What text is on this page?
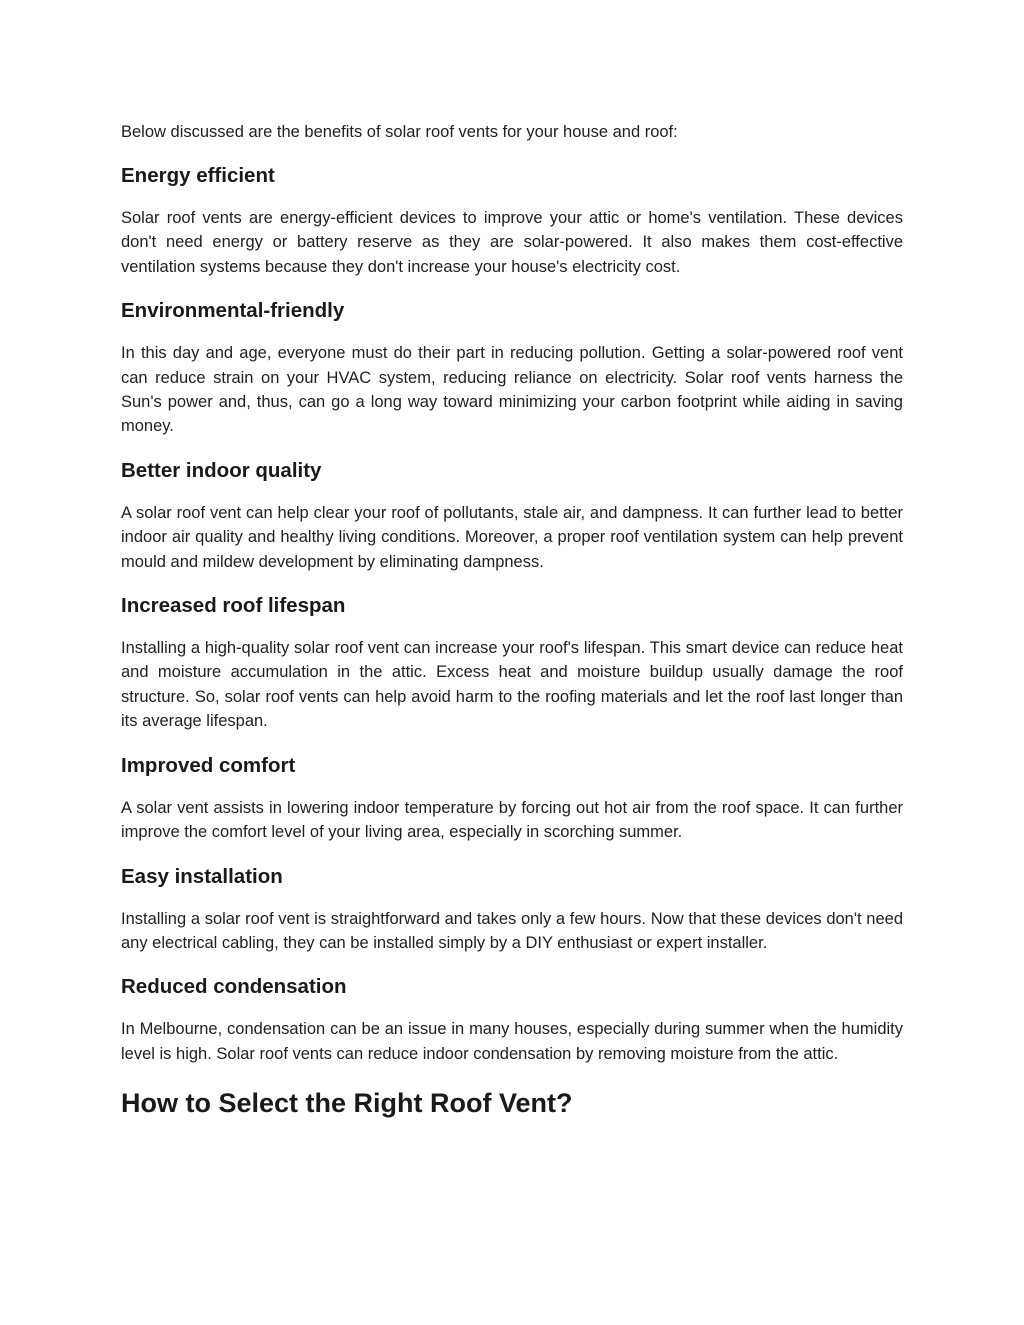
Below discussed are the benefits of solar roof vents for your house and roof:

Energy efficient

Solar roof vents are energy-efficient devices to improve your attic or home's ventilation. These devices don't need energy or battery reserve as they are solar-powered. It also makes them cost-effective ventilation systems because they don't increase your house's electricity cost.

Environmental-friendly

In this day and age, everyone must do their part in reducing pollution. Getting a solar-powered roof vent can reduce strain on your HVAC system, reducing reliance on electricity. Solar roof vents harness the Sun's power and, thus, can go a long way toward minimizing your carbon footprint while aiding in saving money.

Better indoor quality

A solar roof vent can help clear your roof of pollutants, stale air, and dampness. It can further lead to better indoor air quality and healthy living conditions. Moreover, a proper roof ventilation system can help prevent mould and mildew development by eliminating dampness.

Increased roof lifespan

Installing a high-quality solar roof vent can increase your roof's lifespan. This smart device can reduce heat and moisture accumulation in the attic. Excess heat and moisture buildup usually damage the roof structure. So, solar roof vents can help avoid harm to the roofing materials and let the roof last longer than its average lifespan.

Improved comfort

A solar vent assists in lowering indoor temperature by forcing out hot air from the roof space. It can further improve the comfort level of your living area, especially in scorching summer.

Easy installation

Installing a solar roof vent is straightforward and takes only a few hours. Now that these devices don't need any electrical cabling, they can be installed simply by a DIY enthusiast or expert installer.

Reduced condensation

In Melbourne, condensation can be an issue in many houses, especially during summer when the humidity level is high. Solar roof vents can reduce indoor condensation by removing moisture from the attic.

How to Select the Right Roof Vent?
